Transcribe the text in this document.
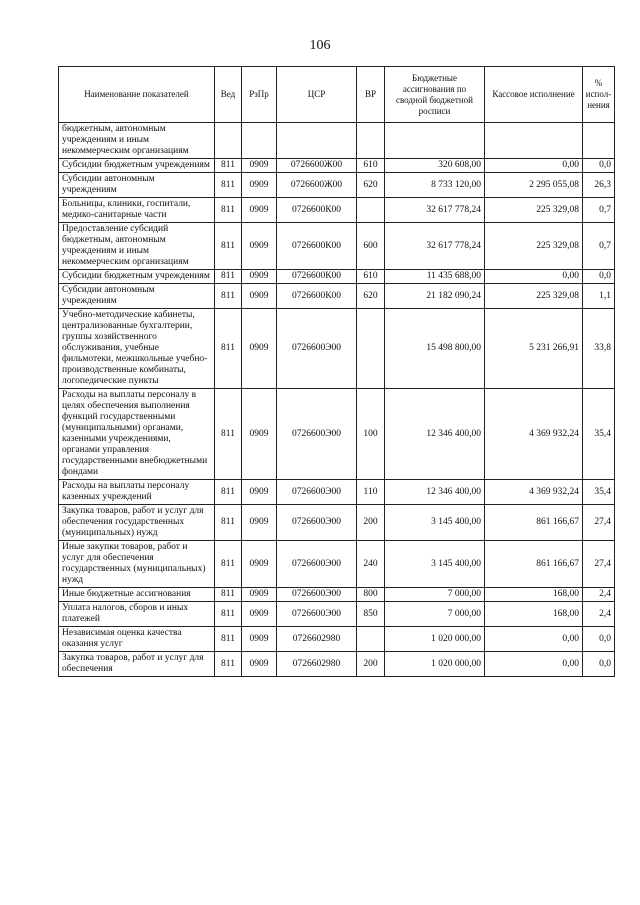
106
Наименование показателей	Вед	РзПр	ЦСР	ВР	Бюджетные ассигнования по сводной бюджетной росписи	Кассовое исполнение	% испол-нения
бюджетным, автономным учреждениям и иным некоммерческим организациям							
Субсидии бюджетным учреждениям	811	0909	0726600Ж00	610	320 608,00	0,00	0,0
Субсидии автономным учреждениям	811	0909	0726600Ж00	620	8 733 120,00	2 295 055,08	26,3
Больницы, клиники, госпитали, медико-санитарные части	811	0909	0726600К00		32 617 778,24	225 329,08	0,7
Предоставление субсидий бюджетным, автономным учреждениям и иным некоммерческим организациям	811	0909	0726600К00	600	32 617 778,24	225 329,08	0,7
Субсидии бюджетным учреждениям	811	0909	0726600К00	610	11 435 688,00	0,00	0,0
Субсидии автономным учреждениям	811	0909	0726600К00	620	21 182 090,24	225 329,08	1,1
Учебно-методические кабинеты, централизованные бухгалтерии, группы хозяйственного обслуживания, учебные фильмотеки, межшкольные учебно-производственные комбинаты, логопедические пункты	811	0909	0726600Э00		15 498 800,00	5 231 266,91	33,8
Расходы на выплаты персоналу в целях обеспечения выполнения функций государственными (муниципальными) органами, казенными учреждениями, органами управления государственными внебюджетными фондами	811	0909	0726600Э00	100	12 346 400,00	4 369 932,24	35,4
Расходы на выплаты персоналу казенных учреждений	811	0909	0726600Э00	110	12 346 400,00	4 369 932,24	35,4
Закупка товаров, работ и услуг для обеспечения государственных (муниципальных) нужд	811	0909	0726600Э00	200	3 145 400,00	861 166,67	27,4
Иные закупки товаров, работ и услуг для обеспечения государственных (муниципальных) нужд	811	0909	0726600Э00	240	3 145 400,00	861 166,67	27,4
Иные бюджетные ассигнования	811	0909	0726600Э00	800	7 000,00	168,00	2,4
Уплата налогов, сборов и иных платежей	811	0909	0726600Э00	850	7 000,00	168,00	2,4
Независимая оценка качества оказания услуг	811	0909	0726602980		1 020 000,00	0,00	0,0
Закупка товаров, работ и услуг для обеспечения	811	0909	0726602980	200	1 020 000,00	0,00	0,0
